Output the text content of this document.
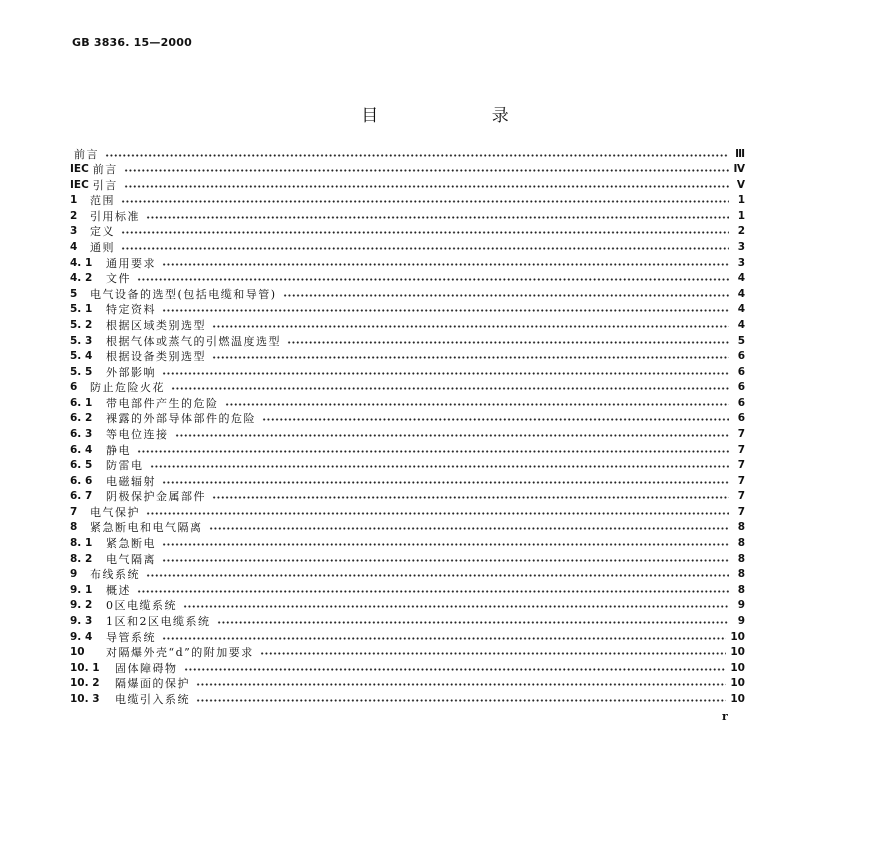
GB 3836. 15—2000
目 录
前言	Ⅲ
IEC 前言	Ⅳ
IEC 引言	V
1	范围	1
2	引用标准	1
3	定义	2
4	通则	3
4. 1	通用要求	3
4. 2	文件	4
5	电气设备的选型(包括电缆和导管)	4
5. 1	特定资料	4
5. 2	根据区域类别选型	4
5. 3	根据气体或蒸气的引燃温度选型	5
5. 4	根据设备类别选型	6
5. 5	外部影响	6
6	防止危险火花	6
6. 1	带电部件产生的危险	6
6. 2	裸露的外部导体部件的危险	6
6. 3	等电位连接	7
6. 4	静电	7
6. 5	防雷电	7
6. 6	电磁辐射	7
6. 7	阴极保护金属部件	7
7	电气保护	7
8	紧急断电和电气隔离	8
8. 1	紧急断电	8
8. 2	电气隔离	8
9	布线系统	8
9. 1	概述	8
9. 2	0区电缆系统	9
9. 3	1区和2区电缆系统	9
9. 4	导管系统	10
10	对隔爆外壳“d”的附加要求	10
10. 1	固体障碍物	10
10. 2	隔爆面的保护	10
10. 3	电缆引入系统	10
r
